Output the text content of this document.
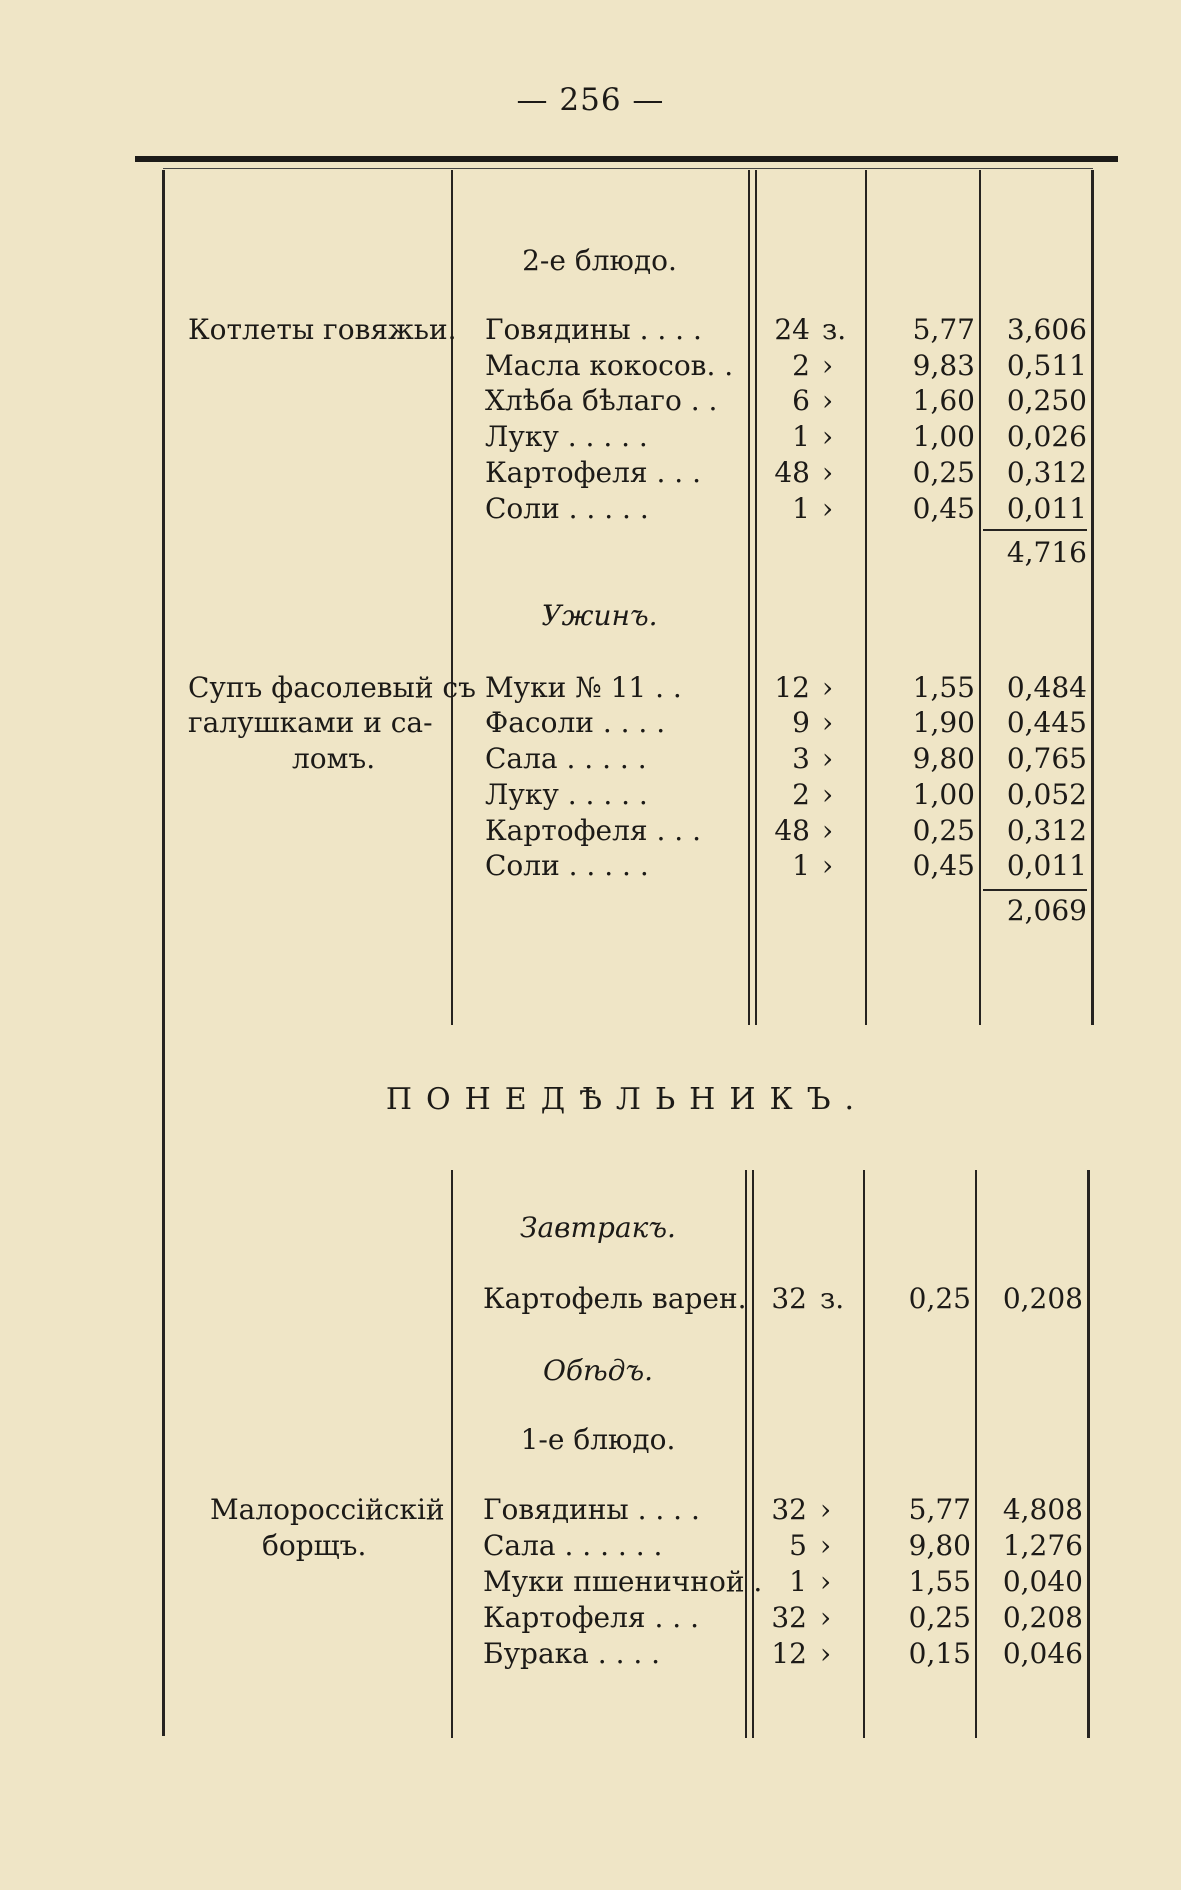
— 256 —
2-е блюдо.
Котлеты говяжьи. Говядины . . . .	24 з.	5,77	3,606
Масла кокосов. .	2 ›	9,83	0,511
Хлѣба бѣлаго . .	6 ›	1,60	0,250
Луку . . . . .	1 ›	1,00	0,026
Картофеля . . .	48 ›	0,25	0,312
Соли . . . . .	1 ›	0,45	0,011
4,716
Ужинъ.
Супъ фасолевый съ
галушками и са-
ломъ.
Муки № 11 . .	12 ›	1,55	0,484
Фасоли . . . .	9 ›	1,90	0,445
Сала . . . . .	3 ›	9,80	0,765
Луку . . . . .	2 ›	1,00	0,052
Картофеля . . .	48 ›	0,25	0,312
Соли . . . . .	1 ›	0,45	0,011
2,069
ПОНЕДѢЛЬНИКЪ.
Завтракъ.
Картофель варен. 32 з.	0,25	0,208
Обѣдъ.
1-е блюдо.
Малороссійскій
борщъ.
Говядины . . . .	32 ›	5,77	4,808
Сала . . . . . .	5 ›	9,80	1,276
Муки пшеничной . 1 ›	1,55	0,040
Картофеля . . .	32 ›	0,25	0,208
Бурака . . . .	12 ›	0,15	0,046
